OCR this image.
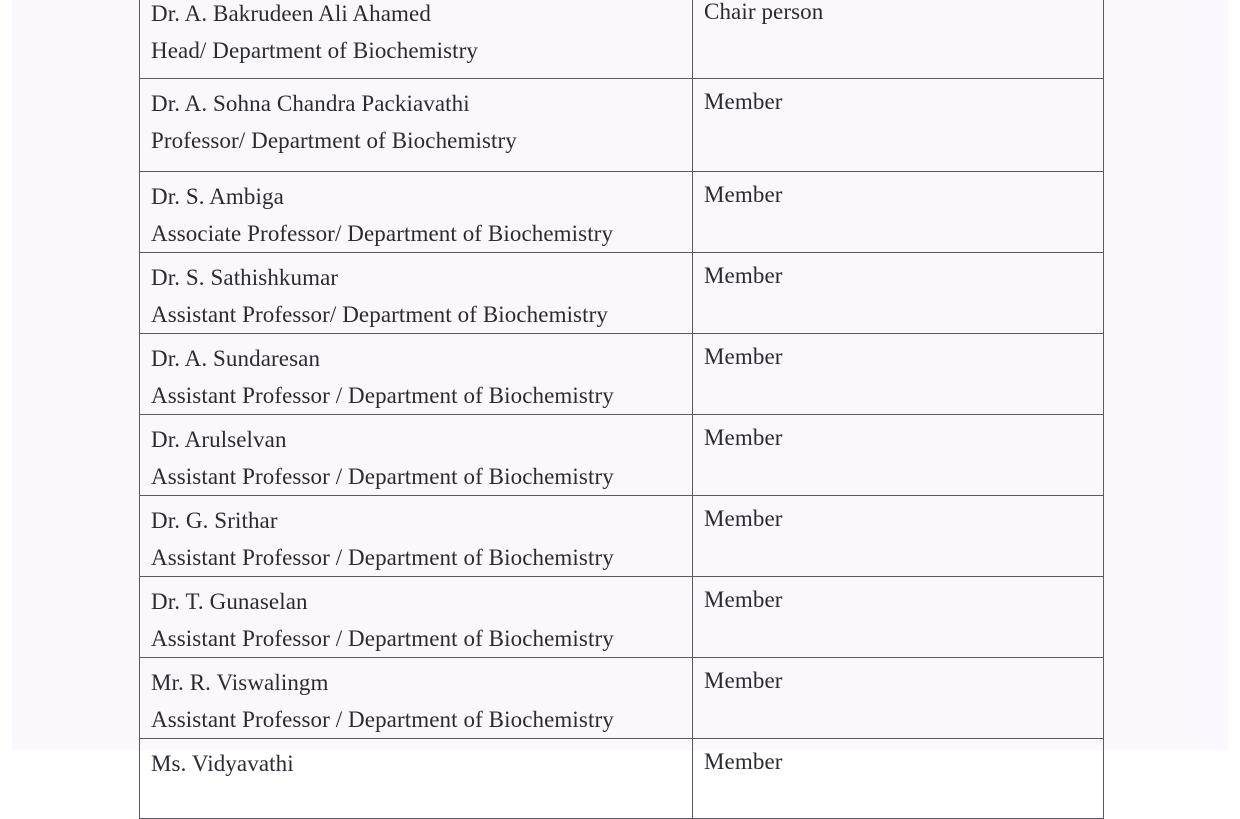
Dr. A. Bakrudeen Ali Ahamed
Head/ Department of Biochemistry	Chair person

Dr. A. Sohna Chandra Packiavathi
Professor/ Department of Biochemistry	Member

Dr. S. Ambiga
Associate Professor/ Department of Biochemistry	Member

Dr. S. Sathishkumar
Assistant Professor/ Department of Biochemistry	Member

Dr. A. Sundaresan
Assistant Professor / Department of Biochemistry	Member

Dr. Arulselvan
Assistant Professor / Department of Biochemistry	Member

Dr. G. Srithar
Assistant Professor / Department of Biochemistry	Member

Dr. T. Gunaselan
Assistant Professor / Department of Biochemistry	Member

Mr. R. Viswalingm
Assistant Professor / Department of Biochemistry	Member

Ms. Vidyavathi	Member
